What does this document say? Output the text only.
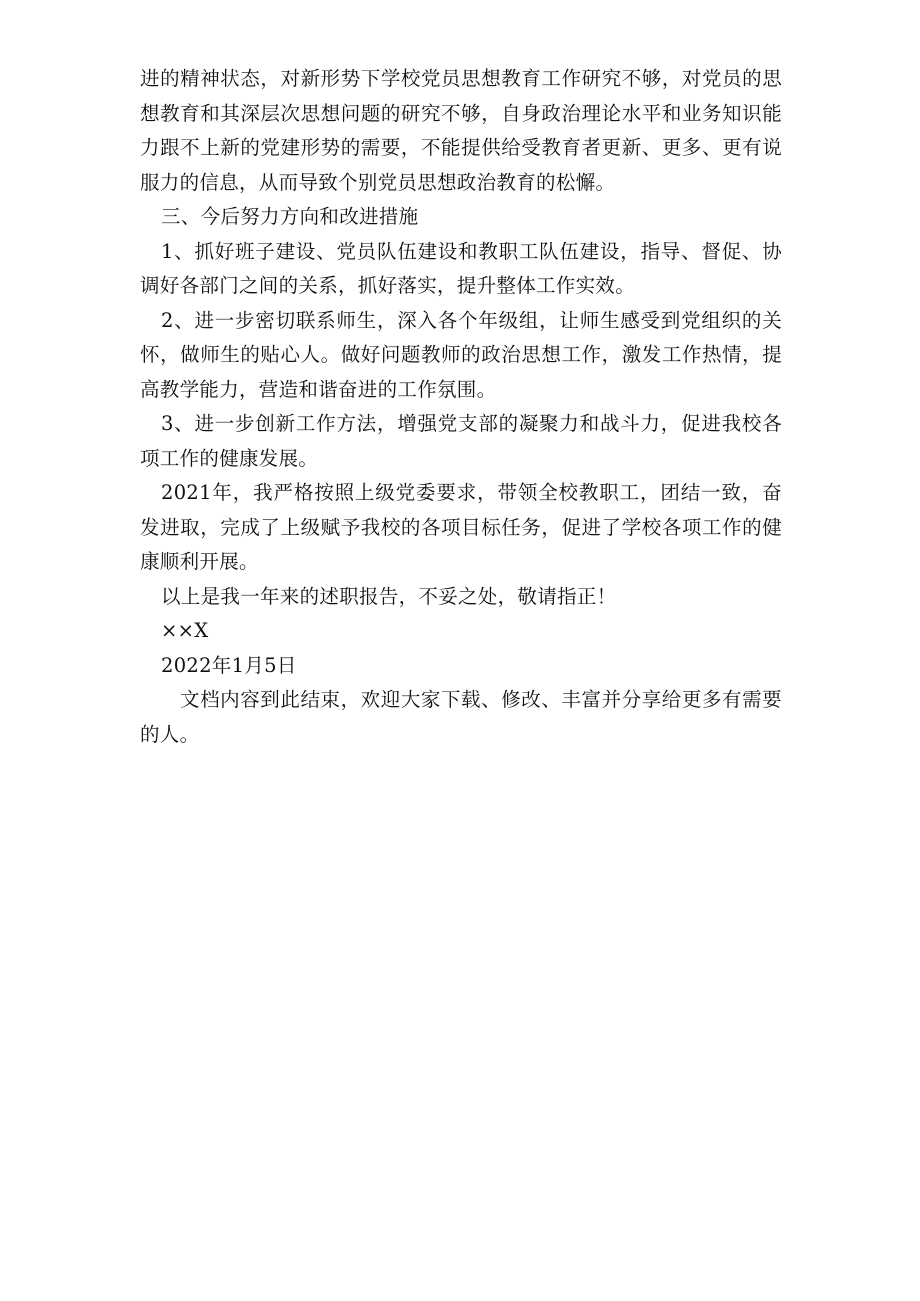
进的精神状态，对新形势下学校党员思想教育工作研究不够，对党员的思想教育和其深层次思想问题的研究不够，自身政治理论水平和业务知识能力跟不上新的党建形势的需要，不能提供给受教育者更新、更多、更有说服力的信息，从而导致个别党员思想政治教育的松懈。

三、今后努力方向和改进措施

1、抓好班子建设、党员队伍建设和教职工队伍建设，指导、督促、协调好各部门之间的关系，抓好落实，提升整体工作实效。

2、进一步密切联系师生，深入各个年级组，让师生感受到党组织的关怀，做师生的贴心人。做好问题教师的政治思想工作，激发工作热情，提高教学能力，营造和谐奋进的工作氛围。

3、进一步创新工作方法，增强党支部的凝聚力和战斗力，促进我校各项工作的健康发展。

2021年，我严格按照上级党委要求，带领全校教职工，团结一致，奋发进取，完成了上级赋予我校的各项目标任务，促进了学校各项工作的健康顺利开展。

以上是我一年来的述职报告，不妥之处，敬请指正！

××X

2022年1月5日

文档内容到此结束，欢迎大家下载、修改、丰富并分享给更多有需要的人。
